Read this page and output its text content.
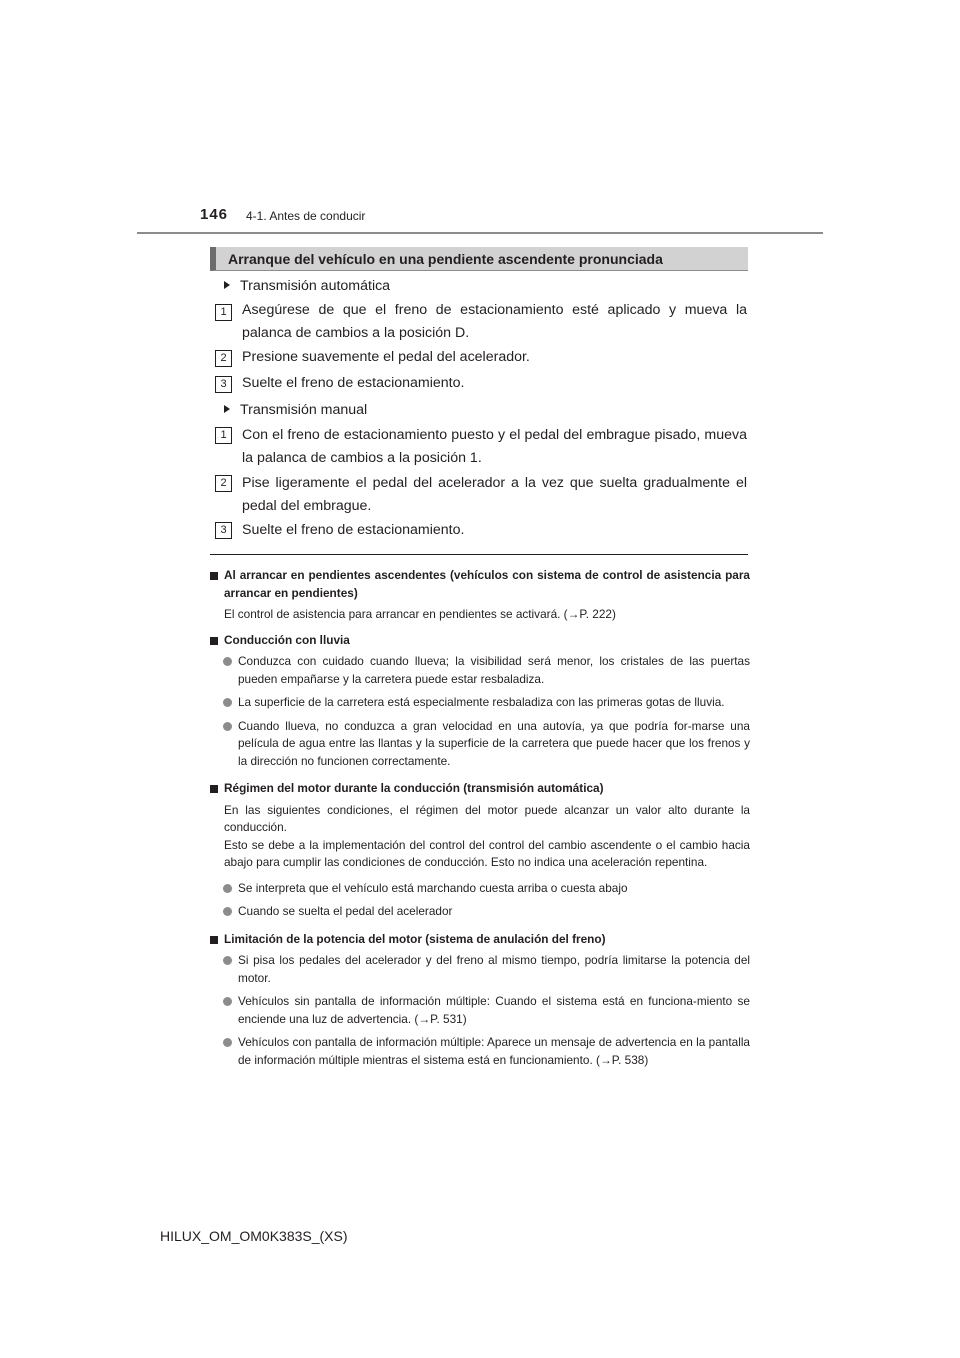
146 4-1. Antes de conducir
Arranque del vehículo en una pendiente ascendente pronunciada
Transmisión automática
1	Asegúrese de que el freno de estacionamiento esté aplicado y mueva la palanca de cambios a la posición D.
2	Presione suavemente el pedal del acelerador.
3	Suelte el freno de estacionamiento.
Transmisión manual
1	Con el freno de estacionamiento puesto y el pedal del embrague pisado, mueva la palanca de cambios a la posición 1.
2	Pise ligeramente el pedal del acelerador a la vez que suelta gradualmente el pedal del embrague.
3	Suelte el freno de estacionamiento.

Al arrancar en pendientes ascendentes (vehículos con sistema de control de asistencia para arrancar en pendientes)

El control de asistencia para arrancar en pendientes se activará. (→P. 222)

Conducción con lluvia

Conduzca con cuidado cuando llueva; la visibilidad será menor, los cristales de las puertas pueden empañarse y la carretera puede estar resbaladiza.
La superficie de la carretera está especialmente resbaladiza con las primeras gotas de lluvia.
Cuando llueva, no conduzca a gran velocidad en una autovía, ya que podría for-marse una película de agua entre las llantas y la superficie de la carretera que puede hacer que los frenos y la dirección no funcionen correctamente.

Régimen del motor durante la conducción (transmisión automática)

En las siguientes condiciones, el régimen del motor puede alcanzar un valor alto durante la conducción.
Esto se debe a la implementación del control del control del cambio ascendente o el cambio hacia abajo para cumplir las condiciones de conducción. Esto no indica una aceleración repentina.
Se interpreta que el vehículo está marchando cuesta arriba o cuesta abajo
Cuando se suelta el pedal del acelerador

Limitación de la potencia del motor (sistema de anulación del freno)

Si pisa los pedales del acelerador y del freno al mismo tiempo, podría limitarse la potencia del motor.
Vehículos sin pantalla de información múltiple: Cuando el sistema está en funciona-miento se enciende una luz de advertencia. (→P. 531)
Vehículos con pantalla de información múltiple: Aparece un mensaje de advertencia en la pantalla de información múltiple mientras el sistema está en funcionamiento. (→P. 538)
HILUX_OM_OM0K383S_(XS)
